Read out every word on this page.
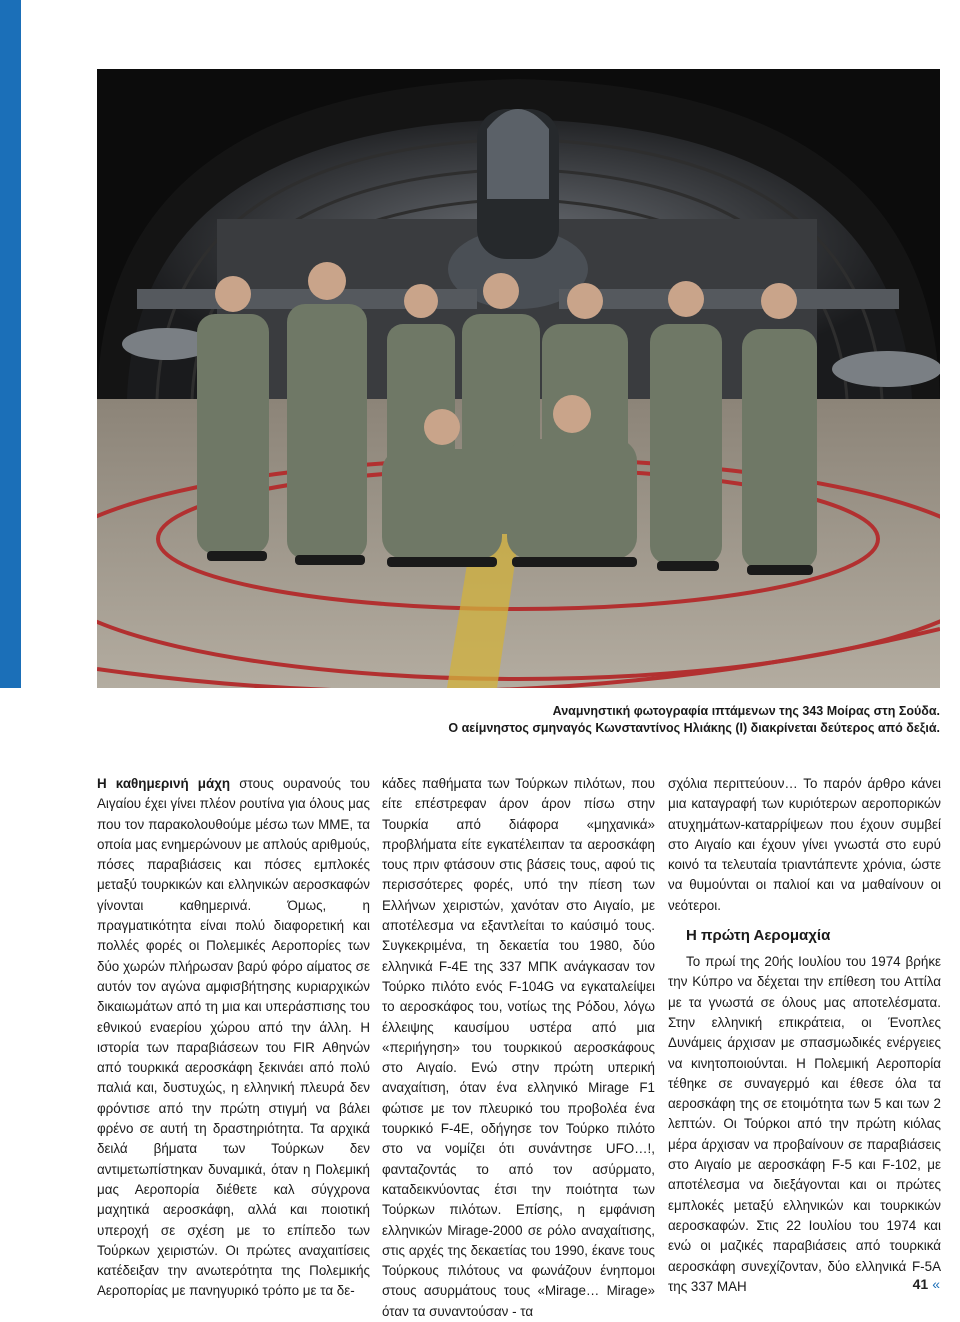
Αναμνηστική φωτογραφία ιπτάμενων της 343 Μοίρας στη Σούδα.
Ο αείμνηστος σμηναγός Κωνσταντίνος Ηλιάκης (Ι) διακρίνεται δεύτερος από δεξιά.

Η καθημερινή μάχη στους ουρανούς του Αιγαίου έχει γίνει πλέον ρουτίνα για όλους μας που τον παρακολουθούμε μέσω των ΜΜΕ, τα οποία μας ενημερώνουν με απλούς αριθμούς, πόσες παραβιάσεις και πόσες εμπλοκές μεταξύ τουρκικών και ελληνικών αεροσκαφών γίνονται καθημερινά. Όμως, η πραγματικότητα είναι πολύ διαφορετική και πολλές φορές οι Πολεμικές Αεροπορίες των δύο χωρών πλήρωσαν βαρύ φόρο αίματος σε αυτόν τον αγώνα αμφισβήτησης κυριαρχικών δικαιωμάτων από τη μια και υπεράσπισης του εθνικού εναερίου χώρου από την άλλη. Η ιστορία των παραβιάσεων του FIR Αθηνών από τουρκικά αεροσκάφη ξεκινάει από πολύ παλιά και, δυστυχώς, η ελληνική πλευρά δεν φρόντισε από την πρώτη στιγμή να βάλει φρένο σε αυτή τη δραστηριότητα. Τα αρχικά δειλά βήματα των Τούρκων δεν αντιμετωπίστηκαν δυναμικά, όταν η Πολεμική μας Αεροπορία διέθετε καλ σύγχρονα μαχητικά αεροσκάφη, αλλά και ποιοτική υπεροχή σε σχέση με το επίπεδο των Τούρκων χειριστών. Οι πρώτες αναχαιτίσεις κατέδειξαν την ανωτερότητα της Πολεμικής Αεροπορίας με πανηγυρικό τρόπο με τα δε-

κάδες παθήματα των Τούρκων πιλότων, που είτε επέστρεφαν άρον άρον πίσω στην Τουρκία από διάφορα «μηχανικά» προβλήματα είτε εγκατέλειπαν τα αεροσκάφη τους πριν φτάσουν στις βάσεις τους, αφού τις περισσότερες φορές, υπό την πίεση των Ελλήνων χειριστών, χανόταν στο Αιγαίο, με αποτέλεσμα να εξαντλείται το καύσιμό τους. Συγκεκριμένα, τη δεκαετία του 1980, δύο ελληνικά F-4E της 337 ΜΠΚ ανάγκασαν τον Τούρκο πιλότο ενός F-104G να εγκαταλείψει το αεροσκάφος του, νοτίως της Ρόδου, λόγω έλλειψης καυσίμου υστέρα από μια «περιήγηση» του τουρκικού αεροσκάφους στο Αιγαίο. Ενώ στην πρώτη υπερική αναχαίτιση, όταν ένα ελληνικό Mirage F1 φώτισε με τον πλευρικό του προβολέα ένα τουρκικό F-4E, οδήγησε τον Τούρκο πιλότο στο να νομίζει ότι συνάντησε UFO…!, φανταζοντάς το από τον ασύρματο, καταδεικνύοντας έτσι την ποιότητα των Τούρκων πιλότων. Επίσης, η εμφάνιση ελληνικών Mirage-2000 σε ρόλο αναχαίτισης, στις αρχές της δεκαετίας του 1990, έκανε τους Τούρκους πιλότους να φωνάζουν ένηπομοι στους ασυρμάτους τους «Mirage… Mirage» όταν τα συναντούσαν - τα

σχόλια περιττεύουν… Το παρόν άρθρο κάνει μια καταγραφή των κυριότερων αεροπορικών ατυχημάτων-καταρρίψεων που έχουν συμβεί στο Αιγαίο και έχουν γίνει γνωστά στο ευρύ κοινό τα τελευταία τριαντάπεντε χρόνια, ώστε να θυμούνται οι παλιοί και να μαθαίνουν οι νεότεροι.

Η πρώτη Αερομαχία

Το πρωί της 20ής Ιουλίου του 1974 βρήκε την Κύπρο να δέχεται την επίθεση του Αττίλα με τα γνωστά σε όλους μας αποτελέσματα. Στην ελληνική επικράτεια, οι Ένοπλες Δυνάμεις άρχισαν με σπασμωδικές ενέργειες να κινητοποιούνται. Η Πολεμική Αεροπορία τέθηκε σε συναγερμό και έθεσε όλα τα αεροσκάφη της σε ετοιμότητα των 5 και των 2 λεπτών. Οι Τούρκοι από την πρώτη κιόλας μέρα άρχισαν να προβαίνουν σε παραβιάσεις στο Αιγαίο με αεροσκάφη F-5 και F-102, με αποτέλεσμα να διεξάγονται και οι πρώτες εμπλοκές μεταξύ ελληνικών και τουρκικών αεροσκαφών. Στις 22 Ιουλίου του 1974 και ενώ οι μαζικές παραβιάσεις από τουρκικά αεροσκάφη συνεχίζονταν, δύο ελληνικά F-5A της 337 ΜΑΗ	41 «
